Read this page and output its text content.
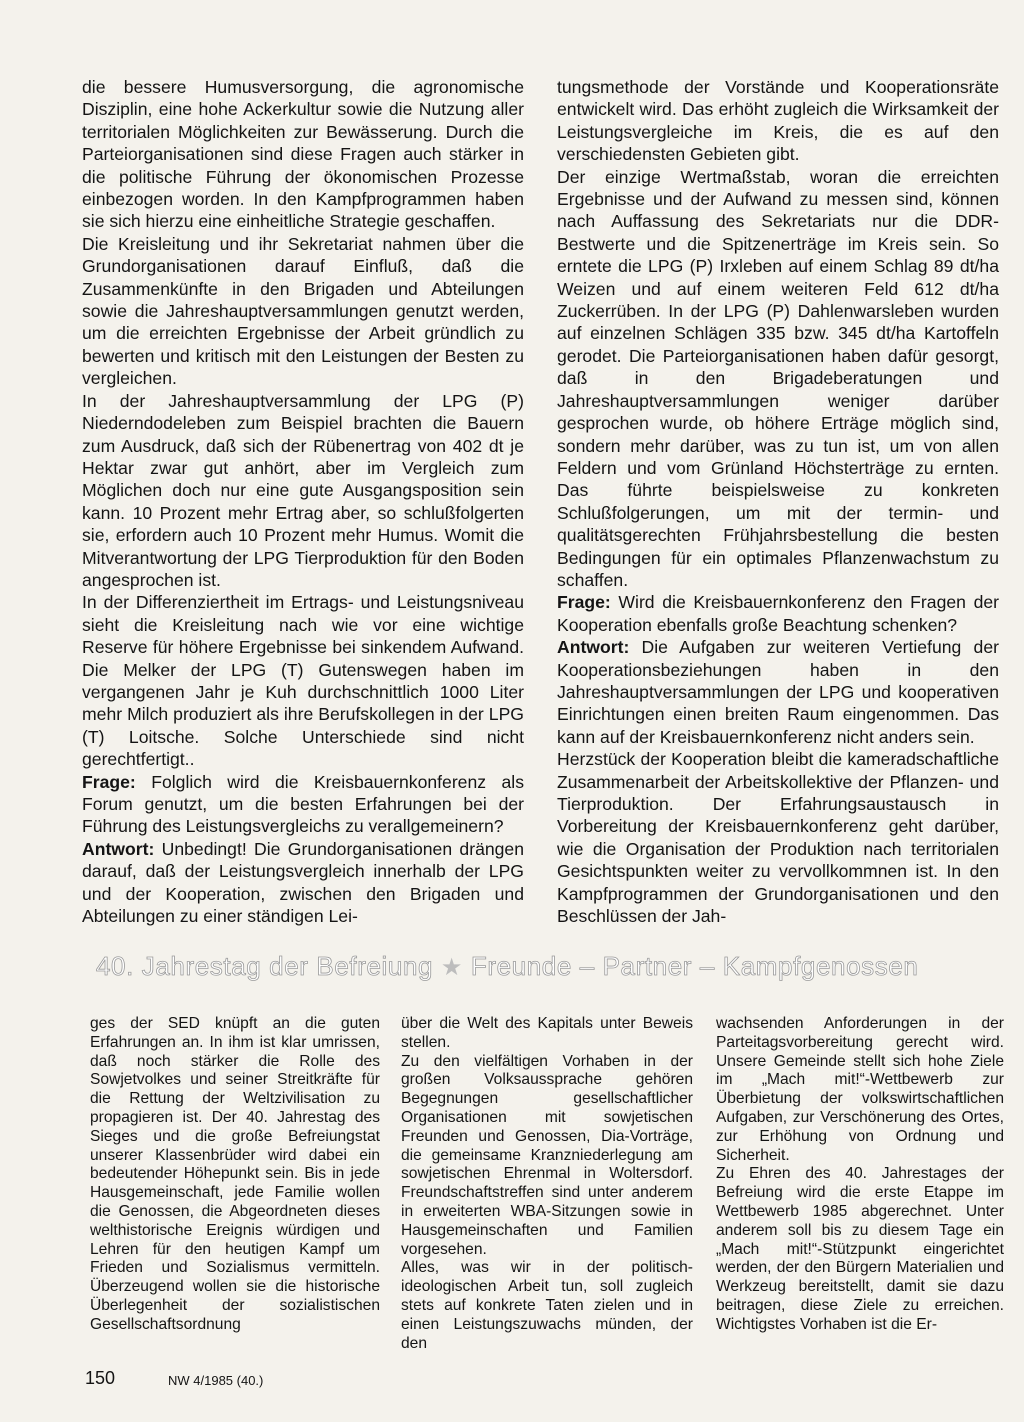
die bessere Humusversorgung, die agronomische Disziplin, eine hohe Ackerkultur sowie die Nutzung aller territorialen Möglichkeiten zur Bewässerung. Durch die Parteiorganisationen sind diese Fragen auch stärker in die politische Führung der ökonomischen Prozesse einbezogen worden. In den Kampfprogrammen haben sie sich hierzu eine einheitliche Strategie geschaffen.

Die Kreisleitung und ihr Sekretariat nahmen über die Grundorganisationen darauf Einfluß, daß die Zusammenkünfte in den Brigaden und Abteilungen sowie die Jahreshauptversammlungen genutzt werden, um die erreichten Ergebnisse der Arbeit gründlich zu bewerten und kritisch mit den Leistungen der Besten zu vergleichen.

In der Jahreshauptversammlung der LPG (P) Niederndodeleben zum Beispiel brachten die Bauern zum Ausdruck, daß sich der Rübenertrag von 402 dt je Hektar zwar gut anhört, aber im Vergleich zum Möglichen doch nur eine gute Ausgangsposition sein kann. 10 Prozent mehr Ertrag aber, so schlußfolgerten sie, erfordern auch 10 Prozent mehr Humus. Womit die Mitverantwortung der LPG Tierproduktion für den Boden angesprochen ist.

In der Differenziertheit im Ertrags- und Leistungsniveau sieht die Kreisleitung nach wie vor eine wichtige Reserve für höhere Ergebnisse bei sinkendem Aufwand. Die Melker der LPG (T) Gutenswegen haben im vergangenen Jahr je Kuh durchschnittlich 1000 Liter mehr Milch produziert als ihre Berufskollegen in der LPG (T) Loitsche. Solche Unterschiede sind nicht gerechtfertigt..

Frage: Folglich wird die Kreisbauernkonferenz als Forum genutzt, um die besten Erfahrungen bei der Führung des Leistungsvergleichs zu verallgemeinern?

Antwort: Unbedingt! Die Grundorganisationen drängen darauf, daß der Leistungsvergleich innerhalb der LPG und der Kooperation, zwischen den Brigaden und Abteilungen zu einer ständigen Lei-

tungsmethode der Vorstände und Kooperationsräte entwickelt wird. Das erhöht zugleich die Wirksamkeit der Leistungsvergleiche im Kreis, die es auf den verschiedensten Gebieten gibt.

Der einzige Wertmaßstab, woran die erreichten Ergebnisse und der Aufwand zu messen sind, können nach Auffassung des Sekretariats nur die DDR-Bestwerte und die Spitzenerträge im Kreis sein. So erntete die LPG (P) Irxleben auf einem Schlag 89 dt/ha Weizen und auf einem weiteren Feld 612 dt/ha Zuckerrüben. In der LPG (P) Dahlenwarsleben wurden auf einzelnen Schlägen 335 bzw. 345 dt/ha Kartoffeln gerodet. Die Parteiorganisationen haben dafür gesorgt, daß in den Brigadeberatungen und Jahreshauptversammlungen weniger darüber gesprochen wurde, ob höhere Erträge möglich sind, sondern mehr darüber, was zu tun ist, um von allen Feldern und vom Grünland Höchsterträge zu ernten. Das führte beispielsweise zu konkreten Schlußfolgerungen, um mit der termin- und qualitätsgerechten Frühjahrsbestellung die besten Bedingungen für ein optimales Pflanzenwachstum zu schaffen.

Frage: Wird die Kreisbauernkonferenz den Fragen der Kooperation ebenfalls große Beachtung schenken?

Antwort: Die Aufgaben zur weiteren Vertiefung der Kooperationsbeziehungen haben in den Jahreshauptversammlungen der LPG und kooperativen Einrichtungen einen breiten Raum eingenommen. Das kann auf der Kreisbauernkonferenz nicht anders sein.

Herzstück der Kooperation bleibt die kameradschaftliche Zusammenarbeit der Arbeitskollektive der Pflanzen- und Tierproduktion. Der Erfahrungsaustausch in Vorbereitung der Kreisbauernkonferenz geht darüber, wie die Organisation der Produktion nach territorialen Gesichtspunkten weiter zu vervollkommnen ist. In den Kampfprogrammen der Grundorganisationen und den Beschlüssen der Jah-

40. Jahrestag der Befreiung ★ Freunde – Partner – Kampfgenossen

ges der SED knüpft an die guten Erfahrungen an. In ihm ist klar umrissen, daß noch stärker die Rolle des Sowjetvolkes und seiner Streitkräfte für die Rettung der Weltzivilisation zu propagieren ist. Der 40. Jahrestag des Sieges und die große Befreiungstat unserer Klassenbrüder wird dabei ein bedeutender Höhepunkt sein. Bis in jede Hausgemeinschaft, jede Familie wollen die Genossen, die Abgeordneten dieses welthistorische Ereignis würdigen und Lehren für den heutigen Kampf um Frieden und Sozialismus vermitteln. Überzeugend wollen sie die historische Überlegenheit der sozialistischen Gesellschaftsordnung

über die Welt des Kapitals unter Beweis stellen.

Zu den vielfältigen Vorhaben in der großen Volksaussprache gehören Begegnungen gesellschaftlicher Organisationen mit sowjetischen Freunden und Genossen, Dia-Vorträge, die gemeinsame Kranzniederlegung am sowjetischen Ehrenmal in Woltersdorf. Freundschaftstreffen sind unter anderem in erweiterten WBA-Sitzungen sowie in Hausgemeinschaften und Familien vorgesehen.

Alles, was wir in der politisch-ideologischen Arbeit tun, soll zugleich stets auf konkrete Taten zielen und in einen Leistungszuwachs münden, der den

wachsenden Anforderungen in der Parteitagsvorbereitung gerecht wird. Unsere Gemeinde stellt sich hohe Ziele im „Mach mit!“-Wettbewerb zur Überbietung der volkswirtschaftlichen Aufgaben, zur Verschönerung des Ortes, zur Erhöhung von Ordnung und Sicherheit.

Zu Ehren des 40. Jahrestages der Befreiung wird die erste Etappe im Wettbewerb 1985 abgerechnet. Unter anderem soll bis zu diesem Tage ein „Mach mit!“-Stützpunkt eingerichtet werden, der den Bürgern Materialien und Werkzeug bereitstellt, damit sie dazu beitragen, diese Ziele zu erreichen. Wichtigstes Vorhaben ist die Er-

150	NW 4/1985 (40.)
